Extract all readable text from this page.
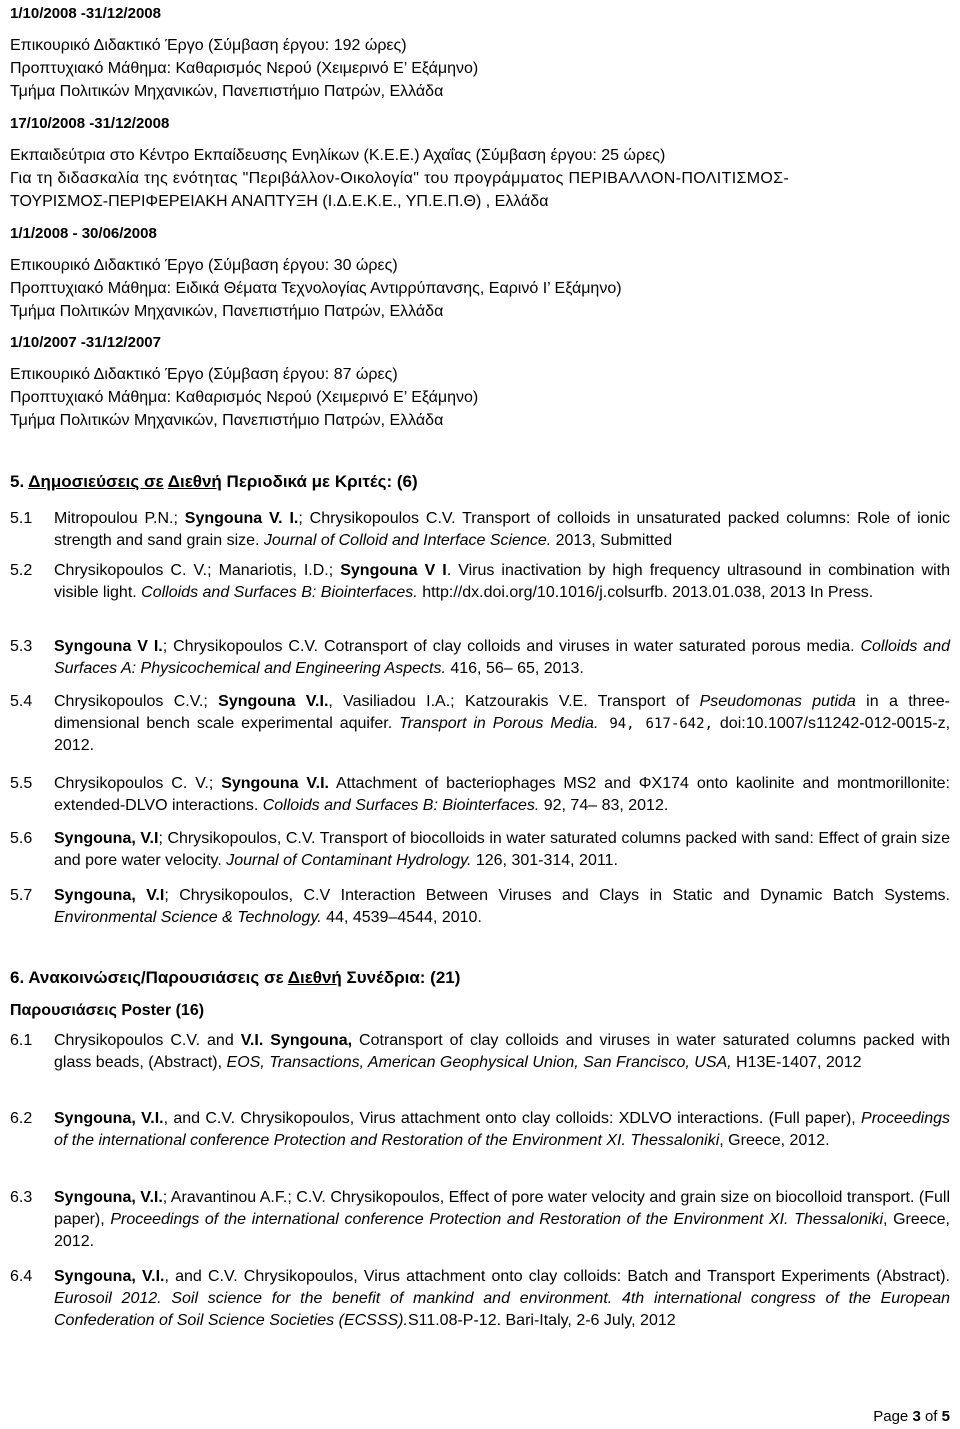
1/10/2008 -31/12/2008

Επικουρικό Διδακτικό Έργο (Σύμβαση έργου: 192 ώρες)

Προπτυχιακό Μάθημα: Καθαρισμός Νερού (Χειμερινό Ε’ Εξάμηνο)

Τμήμα Πολιτικών Μηχανικών, Πανεπιστήμιο Πατρών, Ελλάδα

17/10/2008 -31/12/2008

Εκπαιδεύτρια στο Κέντρο Εκπαίδευσης Ενηλίκων (Κ.Ε.Ε.) Αχαΐας (Σύμβαση έργου: 25 ώρες)

Για τη διδασκαλία της ενότητας "Περιβάλλον-Οικολογία" του προγράμματος ΠΕΡΙΒΑΛΛΟΝ-ΠΟΛΙΤΙΣΜΟΣ-

ΤΟΥΡΙΣΜΟΣ-ΠΕΡΙΦΕΡΕΙΑΚΗ ΑΝΑΠΤΥΞΗ (Ι.Δ.Ε.Κ.Ε., ΥΠ.Ε.Π.Θ) , Ελλάδα

1/1/2008 - 30/06/2008

Επικουρικό Διδακτικό Έργο (Σύμβαση έργου: 30 ώρες)

Προπτυχιακό Μάθημα: Ειδικά Θέματα Τεχνολογίας Αντιρρύπανσης, Εαρινό Ι’ Εξάμηνο)

Τμήμα Πολιτικών Μηχανικών, Πανεπιστήμιο Πατρών, Ελλάδα

1/10/2007 -31/12/2007

Επικουρικό Διδακτικό Έργο (Σύμβαση έργου: 87 ώρες)

Προπτυχιακό Μάθημα: Καθαρισμός Νερού (Χειμερινό Ε’ Εξάμηνο)

Τμήμα Πολιτικών Μηχανικών, Πανεπιστήμιο Πατρών, Ελλάδα

5. Δημοσιεύσεις σε Διεθνή Περιοδικά με Κριτές: (6)

5.1	Mitropoulou P.N.; Syngouna V. I.; Chrysikopoulos C.V. Transport of colloids in unsaturated packed columns: Role of ionic strength and sand grain size. Journal of Colloid and Interface Science. 2013, Submitted
5.2	Chrysikopoulos C. V.; Manariotis, I.D.; Syngouna V I. Virus inactivation by high frequency ultrasound in combination with visible light. Colloids and Surfaces B: Biointerfaces. http://dx.doi.org/10.1016/j.colsurfb. 2013.01.038, 2013 In Press.
5.3	Syngouna V I.; Chrysikopoulos C.V. Cotransport of clay colloids and viruses in water saturated porous media. Colloids and Surfaces A: Physicochemical and Engineering Aspects. 416, 56– 65, 2013.
5.4	Chrysikopoulos C.V.; Syngouna V.I., Vasiliadou I.A.; Katzourakis V.E. Transport of Pseudomonas putida in a three-dimensional bench scale experimental aquifer. Transport in Porous Media. 94, 617-642, doi:10.1007/s11242-012-0015-z, 2012.
5.5	Chrysikopoulos C. V.; Syngouna V.I. Attachment of bacteriophages MS2 and ΦX174 onto kaolinite and montmorillonite: extended-DLVO interactions. Colloids and Surfaces B: Biointerfaces. 92, 74– 83, 2012.
5.6	Syngouna, V.I; Chrysikopoulos, C.V. Transport of biocolloids in water saturated columns packed with sand: Effect of grain size and pore water velocity. Journal of Contaminant Hydrology. 126, 301-314, 2011.
5.7	Syngouna, V.I; Chrysikopoulos, C.V Interaction Between Viruses and Clays in Static and Dynamic Batch Systems. Environmental Science & Technology. 44, 4539–4544, 2010.

6. Ανακοινώσεις/Παρουσιάσεις σε Διεθνή Συνέδρια: (21)

Παρουσιάσεις Poster (16)

6.1	Chrysikopoulos C.V. and V.I. Syngouna, Cotransport of clay colloids and viruses in water saturated columns packed with glass beads, (Abstract), EOS, Transactions, American Geophysical Union, San Francisco, USA, H13E-1407, 2012
6.2	Syngouna, V.I., and C.V. Chrysikopoulos, Virus attachment onto clay colloids: XDLVO interactions. (Full paper), Proceedings of the international conference Protection and Restoration of the Environment XI. Thessaloniki, Greece, 2012.
6.3	Syngouna, V.I.; Aravantinou A.F.; C.V. Chrysikopoulos, Effect of pore water velocity and grain size on biocolloid transport. (Full paper), Proceedings of the international conference Protection and Restoration of the Environment XI. Thessaloniki, Greece, 2012.
6.4	Syngouna, V.I., and C.V. Chrysikopoulos, Virus attachment onto clay colloids: Batch and Transport Experiments (Abstract). Eurosoil 2012. Soil science for the benefit of mankind and environment. 4th international congress of the European Confederation of Soil Science Societies (ECSSS).S11.08-P-12. Bari-Italy, 2-6 July, 2012
Page 3 of 5
